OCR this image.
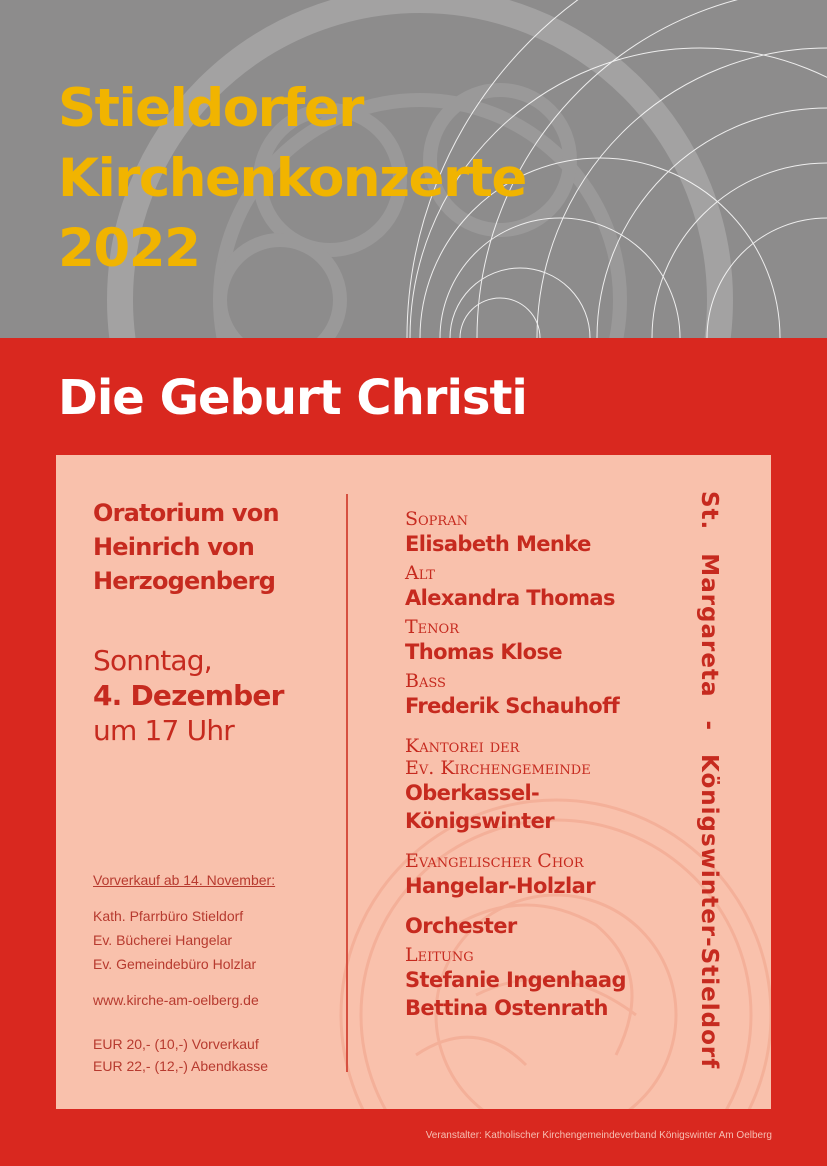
Stieldorfer
Kirchenkonzerte
2022
Die Geburt Christi
Oratorium von
Heinrich von
Herzogenberg
Sonntag,
4. Dezember
um 17 Uhr
Vorverkauf ab 14. November:
Kath. Pfarrbüro Stieldorf
Ev. Bücherei Hangelar
Ev. Gemeindebüro Holzlar
www.kirche-am-oelberg.de
EUR 20,- (10,-) Vorverkauf
EUR 22,- (12,-) Abendkasse
Sopran
Elisabeth Menke
Alt
Alexandra Thomas
Tenor
Thomas Klose
Bass
Frederik Schauhoff
Kantorei der
Ev. Kirchengemeinde
Oberkassel-
Königswinter
Evangelischer Chor
Hangelar-Holzlar
Orchester
Leitung
Stefanie Ingenhaag
Bettina Ostenrath	St. Margareta - Königswinter-Stieldorf
Veranstalter: Katholischer Kirchengemeindeverband Königswinter Am Oelberg
